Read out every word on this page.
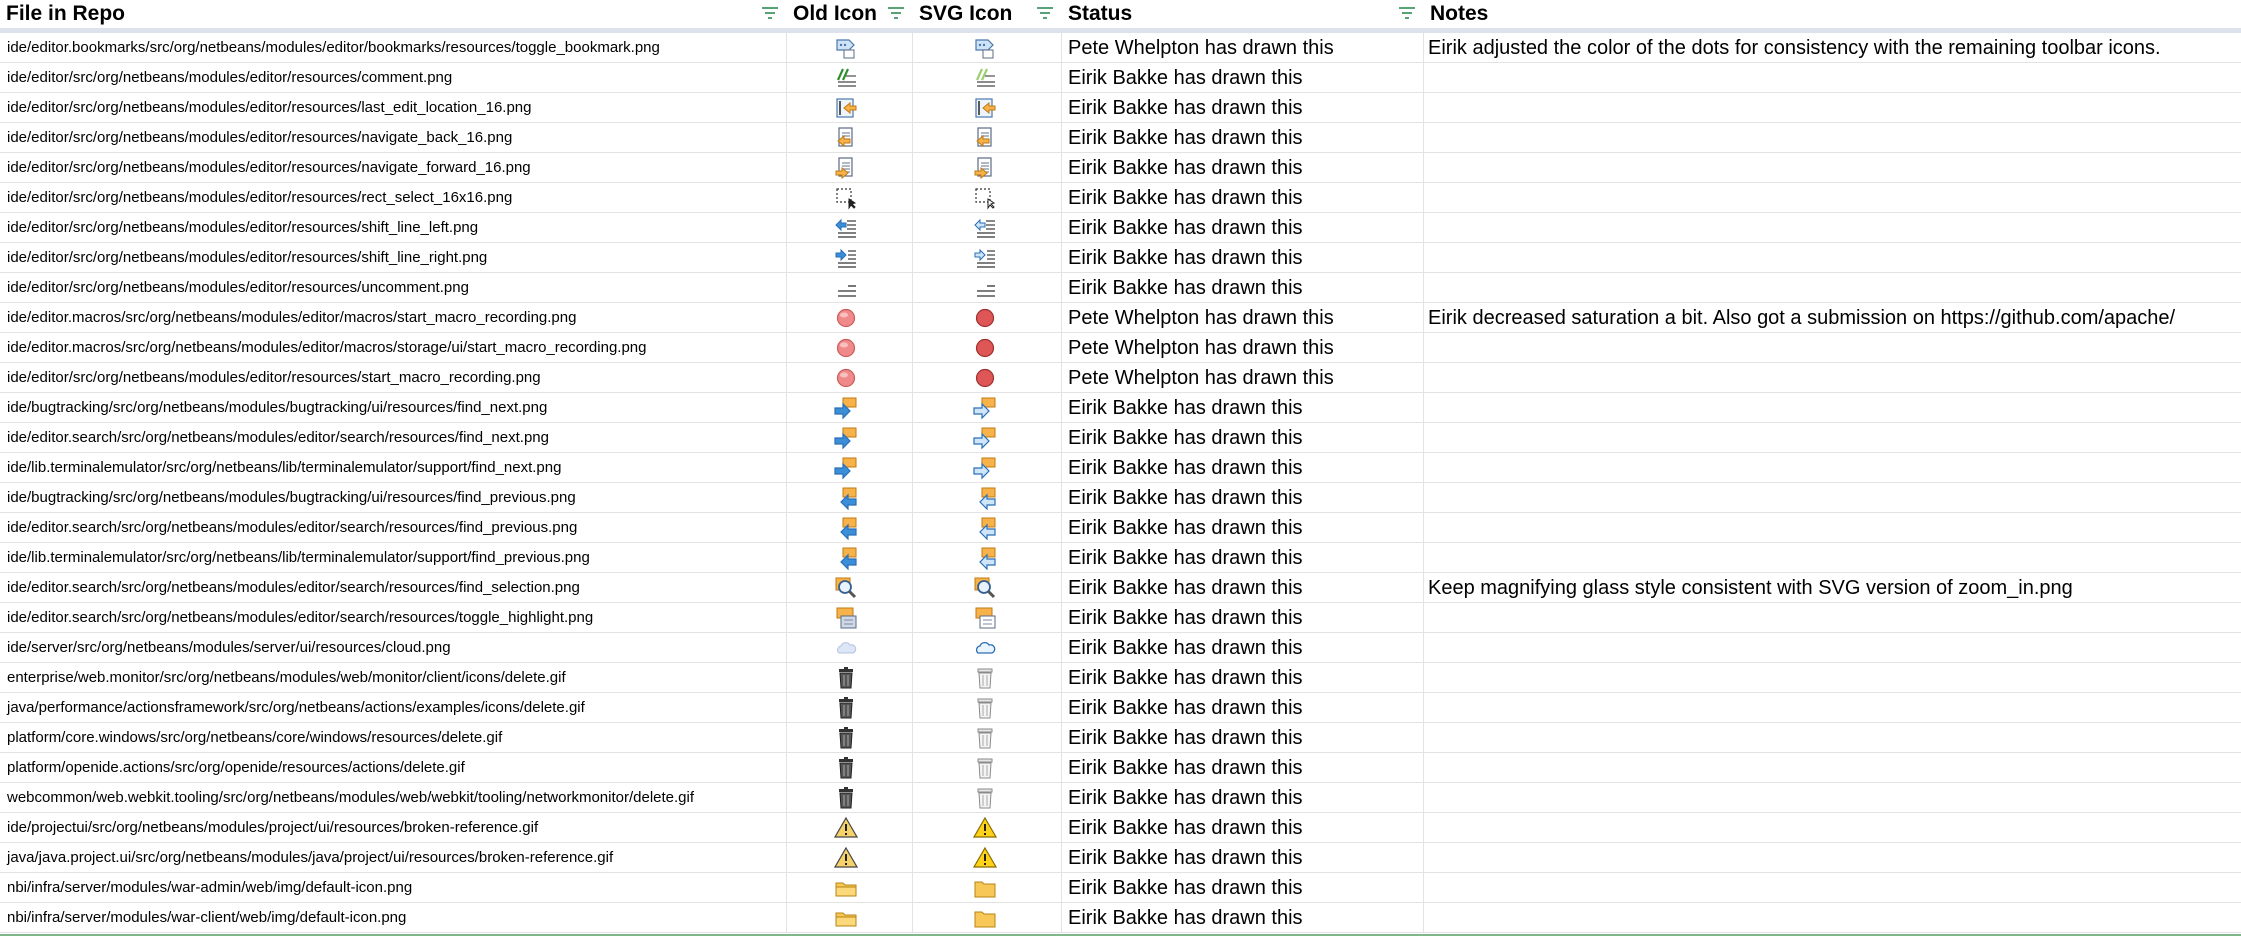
File in Repo	Old Icon	SVG Icon	Status	Notes
ide/editor.bookmarks/src/org/netbeans/modules/editor/bookmarks/resources/toggle_bookmark.png	Pete Whelpton has drawn this	Eirik adjusted the color of the dots for consistency with the remaining toolbar icons.
ide/editor/src/org/netbeans/modules/editor/resources/comment.png	Eirik Bakke has drawn this
ide/editor/src/org/netbeans/modules/editor/resources/last_edit_location_16.png	Eirik Bakke has drawn this
ide/editor/src/org/netbeans/modules/editor/resources/navigate_back_16.png	Eirik Bakke has drawn this
ide/editor/src/org/netbeans/modules/editor/resources/navigate_forward_16.png	Eirik Bakke has drawn this
ide/editor/src/org/netbeans/modules/editor/resources/rect_select_16x16.png	Eirik Bakke has drawn this
ide/editor/src/org/netbeans/modules/editor/resources/shift_line_left.png	Eirik Bakke has drawn this
ide/editor/src/org/netbeans/modules/editor/resources/shift_line_right.png	Eirik Bakke has drawn this
ide/editor/src/org/netbeans/modules/editor/resources/uncomment.png	Eirik Bakke has drawn this
ide/editor.macros/src/org/netbeans/modules/editor/macros/start_macro_recording.png	Pete Whelpton has drawn this	Eirik decreased saturation a bit. Also got a submission on https://github.com/apache/
ide/editor.macros/src/org/netbeans/modules/editor/macros/storage/ui/start_macro_recording.png	Pete Whelpton has drawn this
ide/editor/src/org/netbeans/modules/editor/resources/start_macro_recording.png	Pete Whelpton has drawn this
ide/bugtracking/src/org/netbeans/modules/bugtracking/ui/resources/find_next.png	Eirik Bakke has drawn this
ide/editor.search/src/org/netbeans/modules/editor/search/resources/find_next.png	Eirik Bakke has drawn this
ide/lib.terminalemulator/src/org/netbeans/lib/terminalemulator/support/find_next.png	Eirik Bakke has drawn this
ide/bugtracking/src/org/netbeans/modules/bugtracking/ui/resources/find_previous.png	Eirik Bakke has drawn this
ide/editor.search/src/org/netbeans/modules/editor/search/resources/find_previous.png	Eirik Bakke has drawn this
ide/lib.terminalemulator/src/org/netbeans/lib/terminalemulator/support/find_previous.png	Eirik Bakke has drawn this
ide/editor.search/src/org/netbeans/modules/editor/search/resources/find_selection.png	Eirik Bakke has drawn this	Keep magnifying glass style consistent with SVG version of zoom_in.png
ide/editor.search/src/org/netbeans/modules/editor/search/resources/toggle_highlight.png	Eirik Bakke has drawn this
ide/server/src/org/netbeans/modules/server/ui/resources/cloud.png	Eirik Bakke has drawn this
enterprise/web.monitor/src/org/netbeans/modules/web/monitor/client/icons/delete.gif	Eirik Bakke has drawn this
java/performance/actionsframework/src/org/netbeans/actions/examples/icons/delete.gif	Eirik Bakke has drawn this
platform/core.windows/src/org/netbeans/core/windows/resources/delete.gif	Eirik Bakke has drawn this
platform/openide.actions/src/org/openide/resources/actions/delete.gif	Eirik Bakke has drawn this
webcommon/web.webkit.tooling/src/org/netbeans/modules/web/webkit/tooling/networkmonitor/delete.gif	Eirik Bakke has drawn this
ide/projectui/src/org/netbeans/modules/project/ui/resources/broken-reference.gif	Eirik Bakke has drawn this
java/java.project.ui/src/org/netbeans/modules/java/project/ui/resources/broken-reference.gif	Eirik Bakke has drawn this
nbi/infra/server/modules/war-admin/web/img/default-icon.png	Eirik Bakke has drawn this
nbi/infra/server/modules/war-client/web/img/default-icon.png	Eirik Bakke has drawn this
